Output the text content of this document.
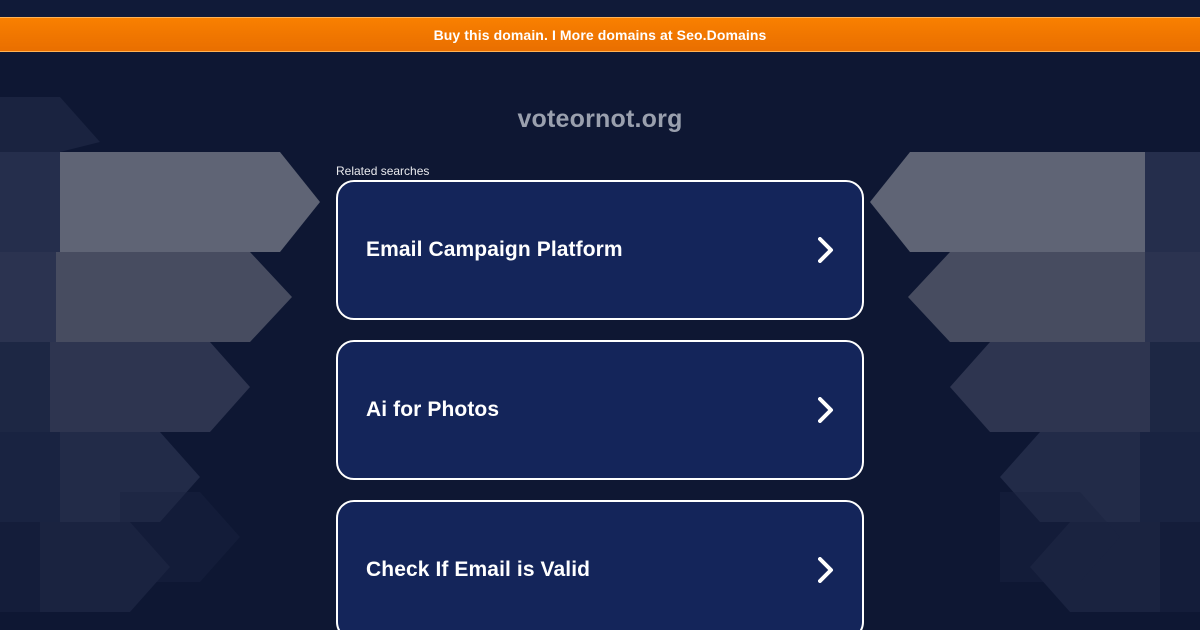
Buy this domain. I More domains at Seo.Domains
voteornot.org
Related searches
Email Campaign Platform
Ai for Photos
Check If Email is Valid
